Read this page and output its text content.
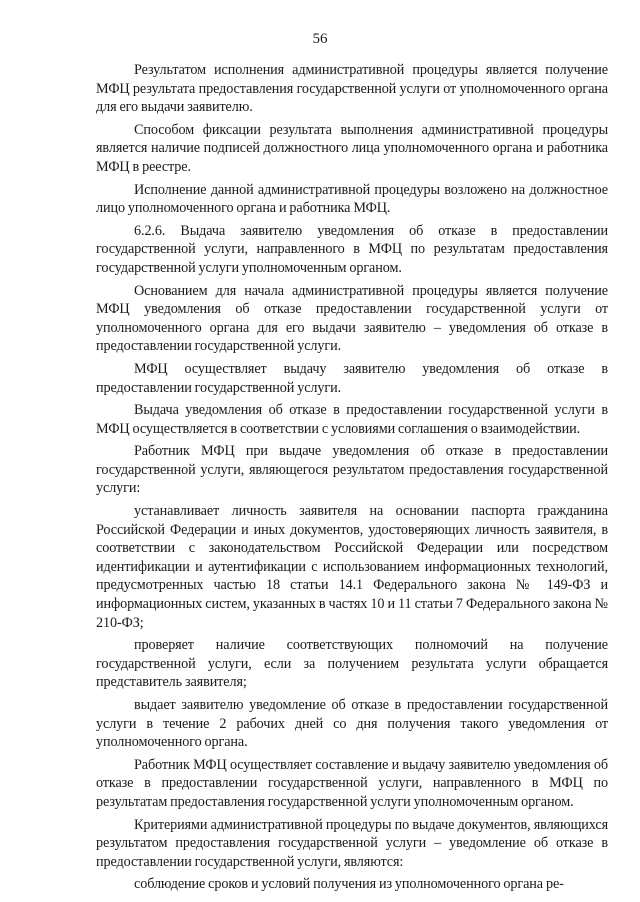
56

Результатом исполнения административной процедуры является получение МФЦ результата предоставления государственной услуги от уполномоченного органа для его выдачи заявителю.

Способом фиксации результата выполнения административной процедуры является наличие подписей должностного лица уполномоченного органа и работника МФЦ в реестре.

Исполнение данной административной процедуры возложено на должностное лицо уполномоченного органа и работника МФЦ.

6.2.6. Выдача заявителю уведомления об отказе в предоставлении государственной услуги, направленного в МФЦ по результатам предоставления государственной услуги уполномоченным органом.

Основанием для начала административной процедуры является получение МФЦ уведомления об отказе предоставлении государственной услуги от уполномоченного органа для его выдачи заявителю – уведомления об отказе в предоставлении государственной услуги.

МФЦ осуществляет выдачу заявителю уведомления об отказе в предоставлении государственной услуги.

Выдача уведомления об отказе в предоставлении государственной услуги в МФЦ осуществляется в соответствии с условиями соглашения о взаимодействии.

Работник МФЦ при выдаче уведомления об отказе в предоставлении государственной услуги, являющегося результатом предоставления государственной услуги:

устанавливает личность заявителя на основании паспорта гражданина Российской Федерации и иных документов, удостоверяющих личность заявителя, в соответствии с законодательством Российской Федерации или посредством идентификации и аутентификации с использованием информационных технологий, предусмотренных частью 18 статьи 14.1 Федерального закона № 149-ФЗ и информационных систем, указанных в частях 10 и 11 статьи 7 Федерального закона № 210-ФЗ;

проверяет наличие соответствующих полномочий на получение государственной услуги, если за получением результата услуги обращается представитель заявителя;

выдает заявителю уведомление об отказе в предоставлении государственной услуги в течение 2 рабочих дней со дня получения такого уведомления от уполномоченного органа.

Работник МФЦ осуществляет составление и выдачу заявителю уведомления об отказе в предоставлении государственной услуги, направленного в МФЦ по результатам предоставления государственной услуги уполномоченным органом.

Критериями административной процедуры по выдаче документов, являющихся результатом предоставления государственной услуги – уведомление об отказе в предоставлении государственной услуги, являются:

соблюдение сроков и условий получения из уполномоченного органа ре-
